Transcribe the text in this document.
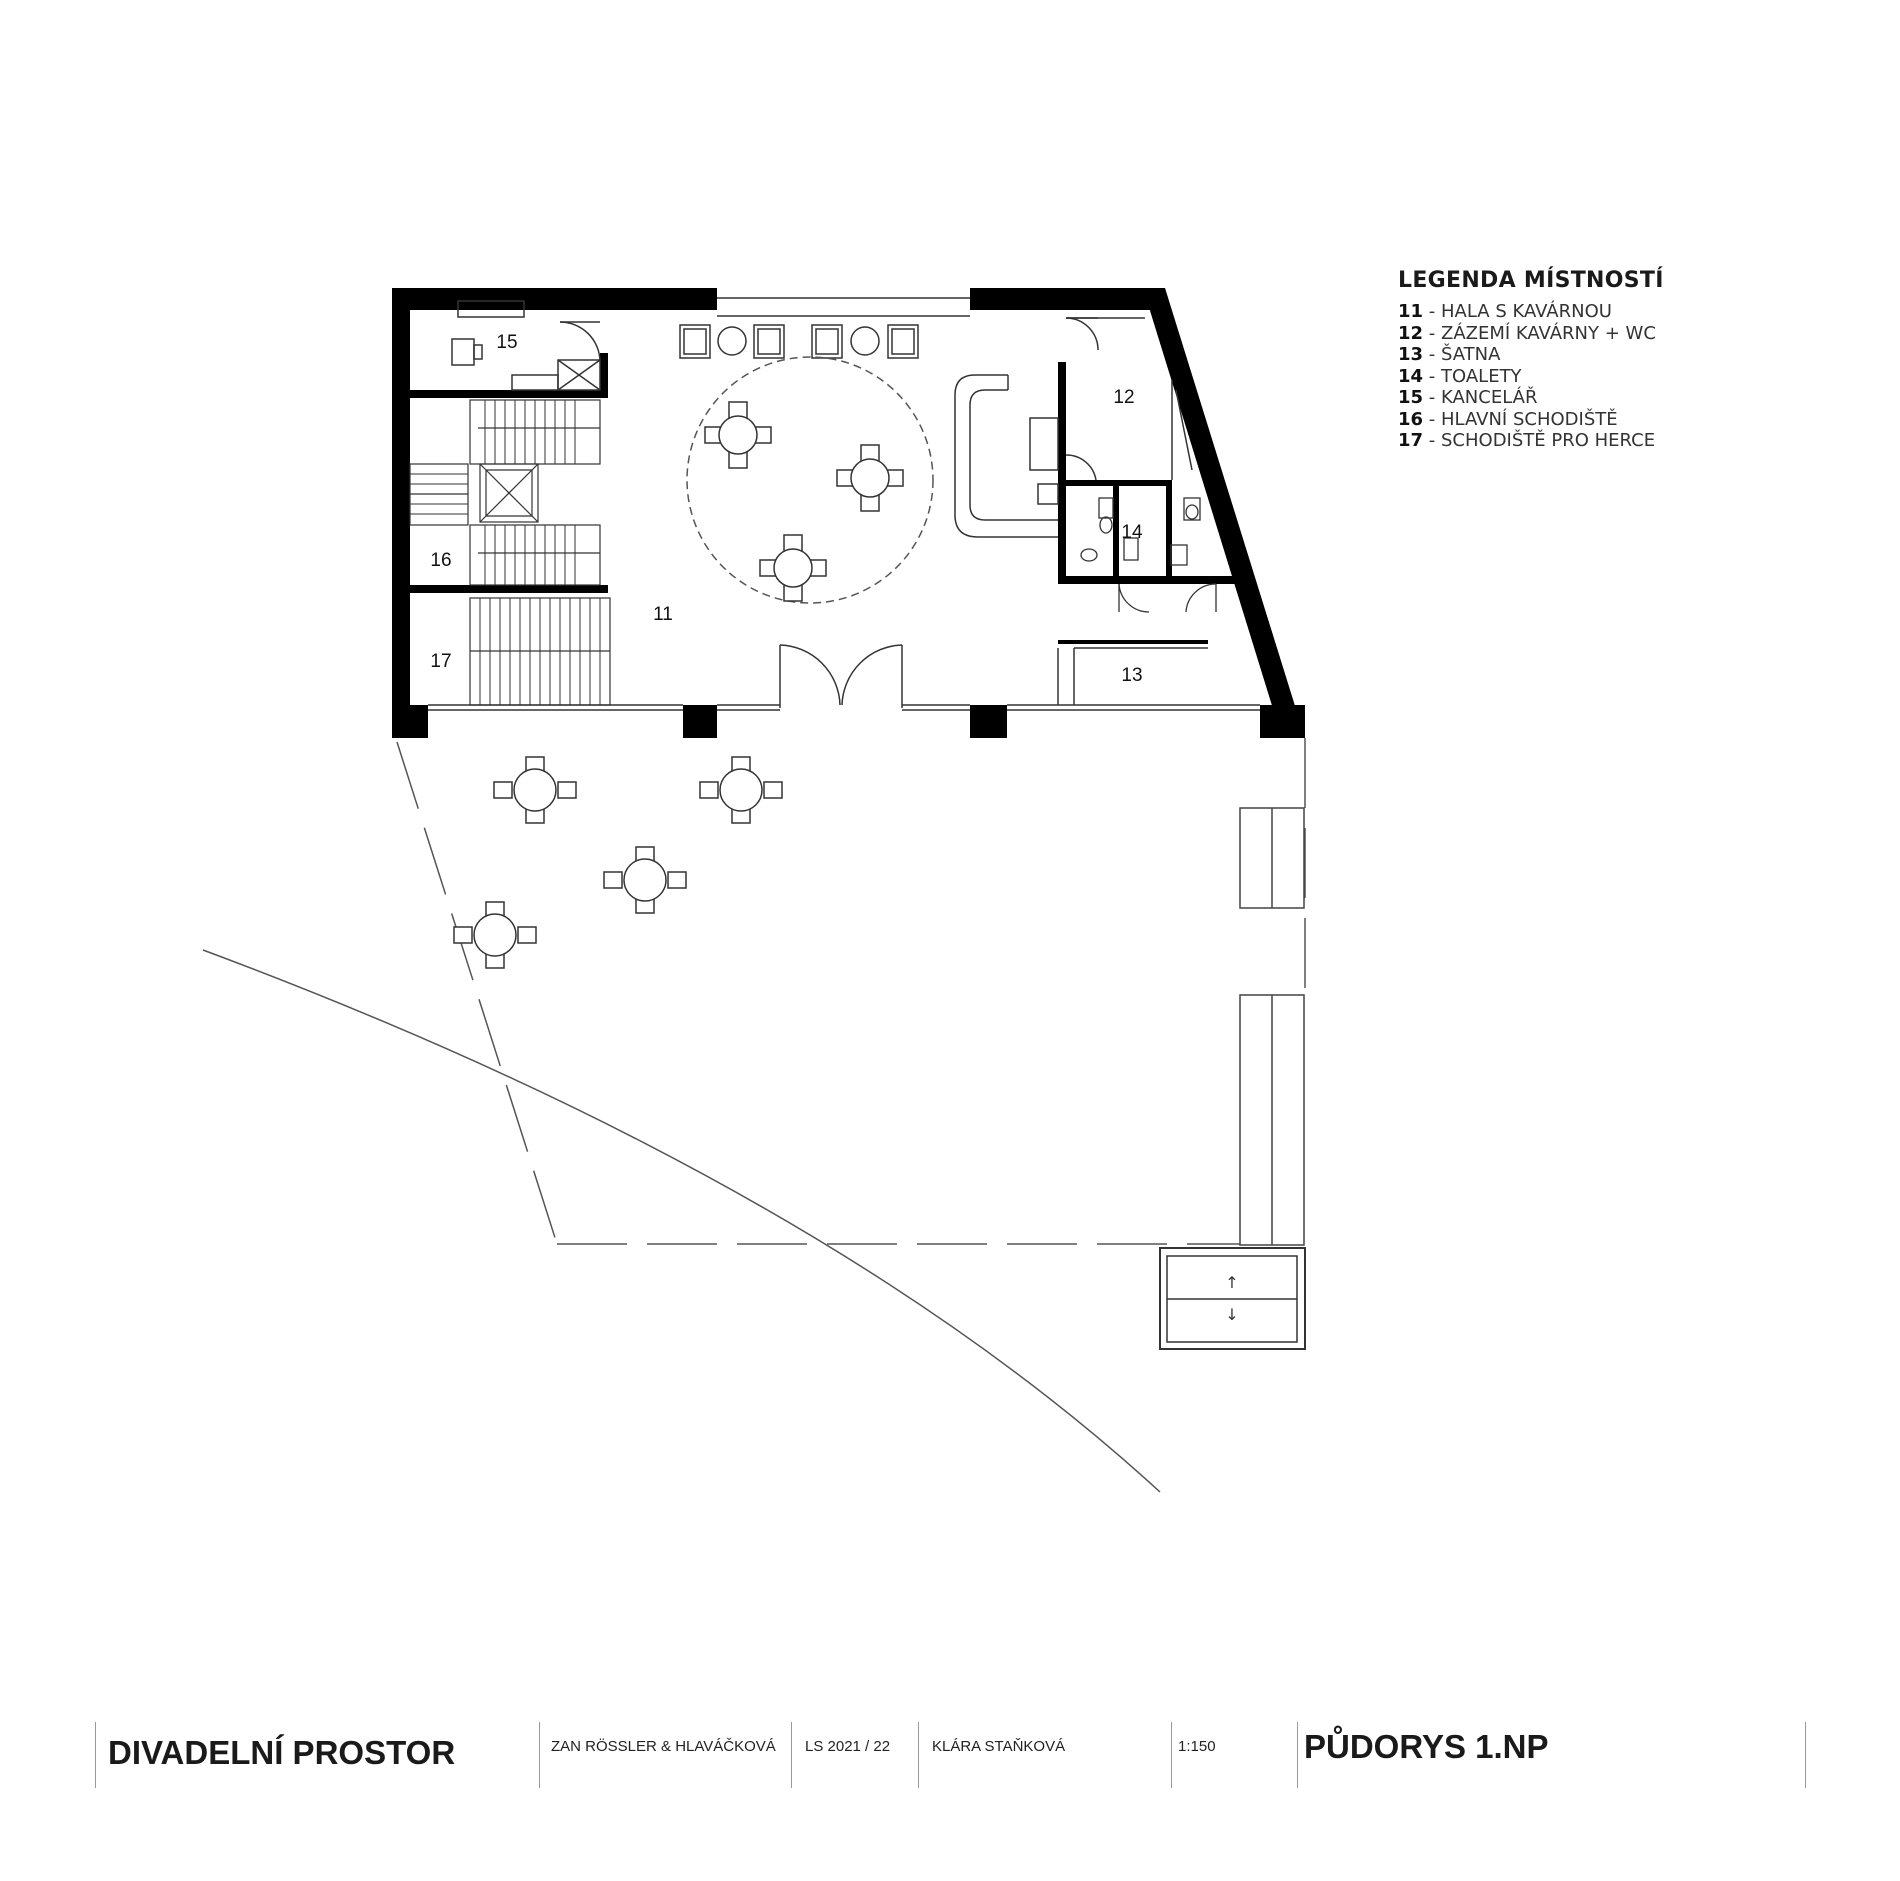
↑
↓
11
12
13
14
15
16
17
LEGENDA MÍSTNOSTÍ
11 - HALA S KAVÁRNOU
12 - ZÁZEMÍ KAVÁRNY + WC
13 - ŠATNA
14 - TOALETY
15 - KANCELÁŘ
16 - HLAVNÍ SCHODIŠTĚ
17 - SCHODIŠTĚ PRO HERCE
DIVADELNÍ PROSTOR	ZAN RÖSSLER & HLAVÁČKOVÁ LS 2021 / 22	KLÁRA STAŇKOVÁ	1:150	PŮDORYS 1.NP
